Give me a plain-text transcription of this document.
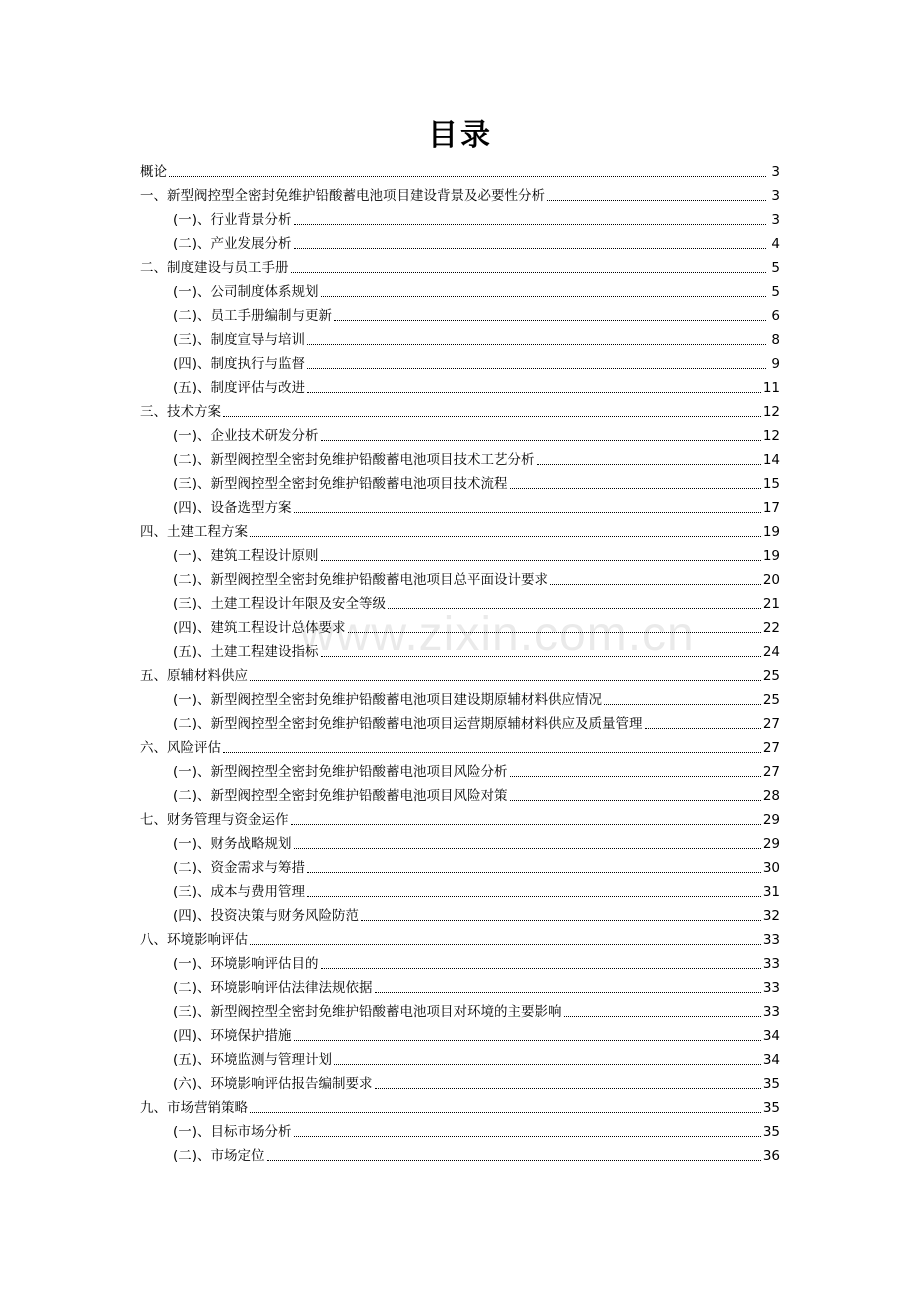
目录
www.zixin.com.cn
概论	3
一、新型阀控型全密封免维护铅酸蓄电池项目建设背景及必要性分析	3
(一)、行业背景分析	3
(二)、产业发展分析	4
二、制度建设与员工手册	5
(一)、公司制度体系规划	5
(二)、员工手册编制与更新	6
(三)、制度宣导与培训	8
(四)、制度执行与监督	9
(五)、制度评估与改进	11
三、技术方案	12
(一)、企业技术研发分析	12
(二)、新型阀控型全密封免维护铅酸蓄电池项目技术工艺分析	14
(三)、新型阀控型全密封免维护铅酸蓄电池项目技术流程	15
(四)、设备选型方案	17
四、土建工程方案	19
(一)、建筑工程设计原则	19
(二)、新型阀控型全密封免维护铅酸蓄电池项目总平面设计要求	20
(三)、土建工程设计年限及安全等级	21
(四)、建筑工程设计总体要求	22
(五)、土建工程建设指标	24
五、原辅材料供应	25
(一)、新型阀控型全密封免维护铅酸蓄电池项目建设期原辅材料供应情况	25
(二)、新型阀控型全密封免维护铅酸蓄电池项目运营期原辅材料供应及质量管理	27
六、风险评估	27
(一)、新型阀控型全密封免维护铅酸蓄电池项目风险分析	27
(二)、新型阀控型全密封免维护铅酸蓄电池项目风险对策	28
七、财务管理与资金运作	29
(一)、财务战略规划	29
(二)、资金需求与筹措	30
(三)、成本与费用管理	31
(四)、投资决策与财务风险防范	32
八、环境影响评估	33
(一)、环境影响评估目的	33
(二)、环境影响评估法律法规依据	33
(三)、新型阀控型全密封免维护铅酸蓄电池项目对环境的主要影响	33
(四)、环境保护措施	34
(五)、环境监测与管理计划	34
(六)、环境影响评估报告编制要求	35
九、市场营销策略	35
(一)、目标市场分析	35
(二)、市场定位	36
